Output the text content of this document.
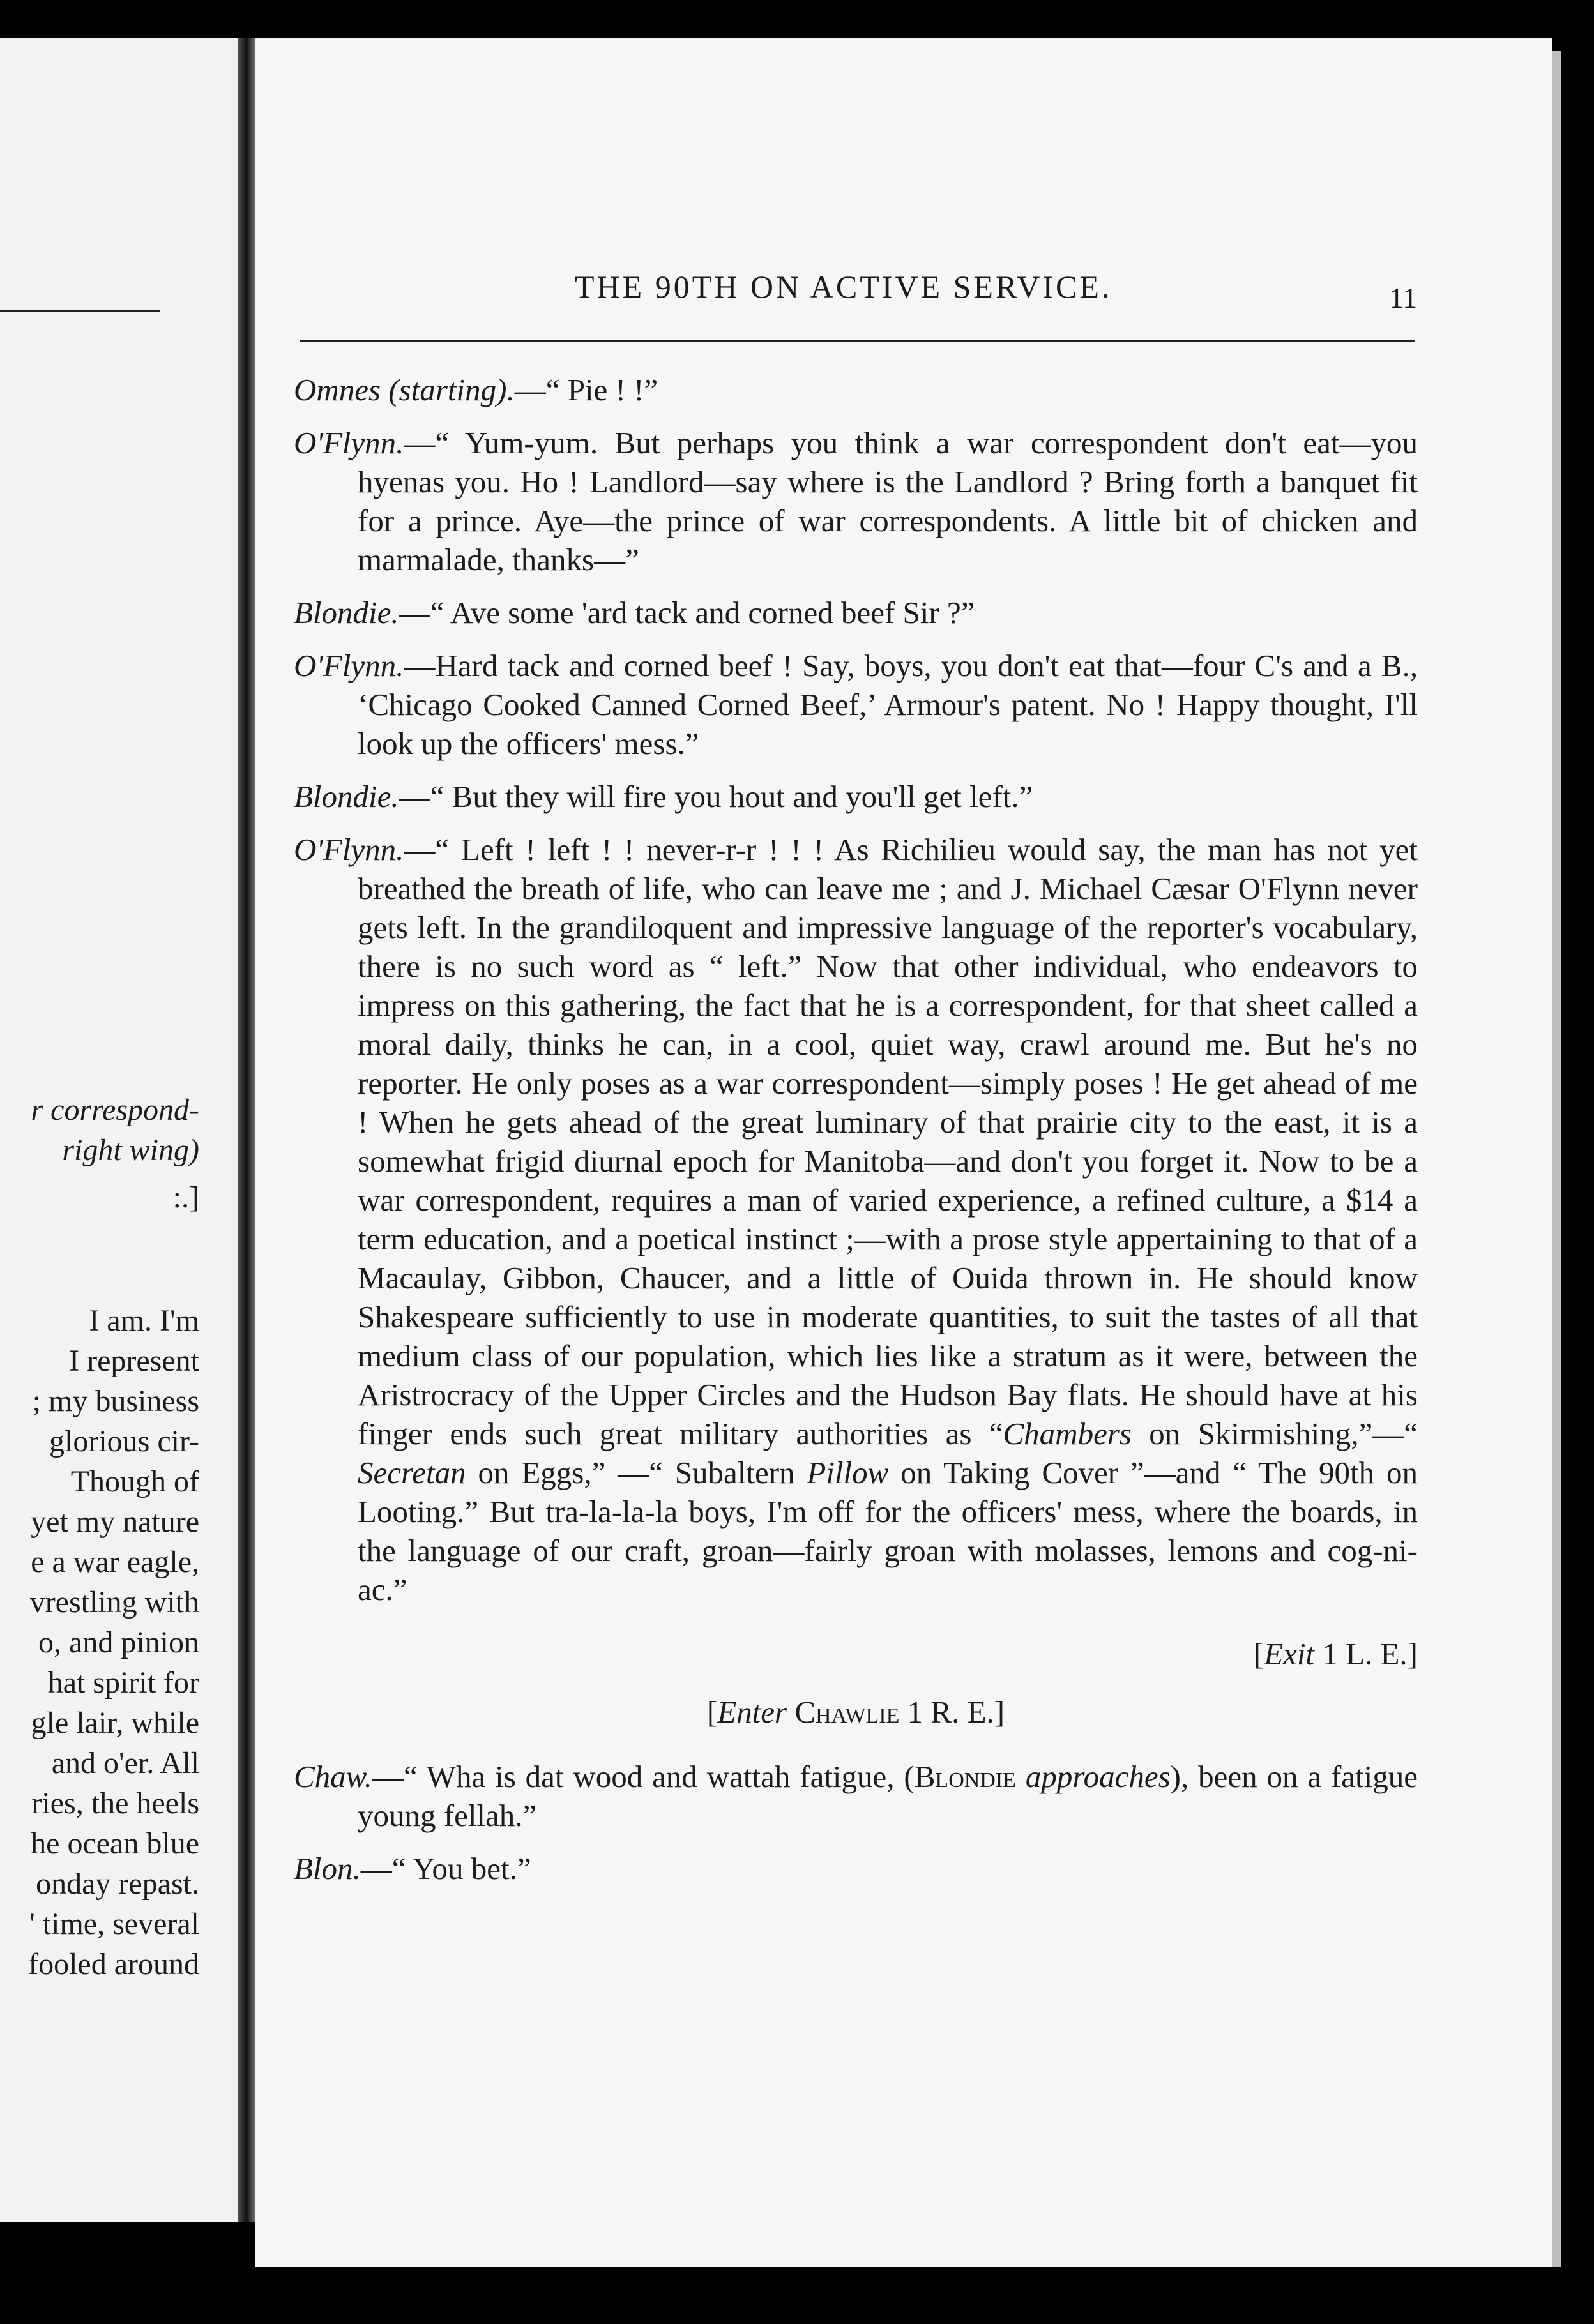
r correspond-
right wing)
:.]
I am. I'm
I represent
; my business
glorious cir-
Though of
yet my nature
e a war eagle,
vrestling with
o, and pinion
hat spirit for
gle lair, while
and o'er. All
ries, the heels
he ocean blue
onday repast.
' time, several
fooled around
THE 90TH ON ACTIVE SERVICE.	11

Omnes (starting).—“ Pie ! !”

O'Flynn.—“ Yum-yum. But perhaps you think a war correspondent don't eat—you hyenas you. Ho ! Landlord—say where is the Landlord ? Bring forth a banquet fit for a prince. Aye—the prince of war correspondents. A little bit of chicken and marmalade, thanks—”

Blondie.—“ Ave some 'ard tack and corned beef Sir ?”

O'Flynn.—Hard tack and corned beef ! Say, boys, you don't eat that—four C's and a B., ‘Chicago Cooked Canned Corned Beef,’ Armour's patent. No ! Happy thought, I'll look up the officers' mess.”

Blondie.—“ But they will fire you hout and you'll get left.”

O'Flynn.—“ Left ! left ! ! never-r-r ! ! ! As Richilieu would say, the man has not yet breathed the breath of life, who can leave me ; and J. Michael Cæsar O'Flynn never gets left. In the grandiloquent and impressive language of the reporter's vocabulary, there is no such word as “ left.” Now that other individual, who endeavors to impress on this gathering, the fact that he is a correspondent, for that sheet called a moral daily, thinks he can, in a cool, quiet way, crawl around me. But he's no reporter. He only poses as a war correspondent—simply poses ! He get ahead of me ! When he gets ahead of the great luminary of that prairie city to the east, it is a somewhat frigid diurnal epoch for Manitoba—and don't you forget it. Now to be a war correspondent, requires a man of varied experience, a refined culture, a $14 a term education, and a poetical instinct ;—with a prose style appertaining to that of a Macaulay, Gibbon, Chaucer, and a little of Ouida thrown in. He should know Shakespeare sufficiently to use in moderate quantities, to suit the tastes of all that medium class of our population, which lies like a stratum as it were, between the Aristrocracy of the Upper Circles and the Hudson Bay flats. He should have at his finger ends such great military authorities as “Chambers on Skirmishing,”—“ Secretan on Eggs,” —“ Subaltern Pillow on Taking Cover ”—and “ The 90th on Looting.” But tra-la-la-la boys, I'm off for the officers' mess, where the boards, in the language of our craft, groan—fairly groan with molasses, lemons and cog-ni-ac.”

[Exit 1 L. E.]
[Enter Chawlie 1 R. E.]

Chaw.—“ Wha is dat wood and wattah fatigue, (Blondie approaches), been on a fatigue young fellah.”

Blon.—“ You bet.”
